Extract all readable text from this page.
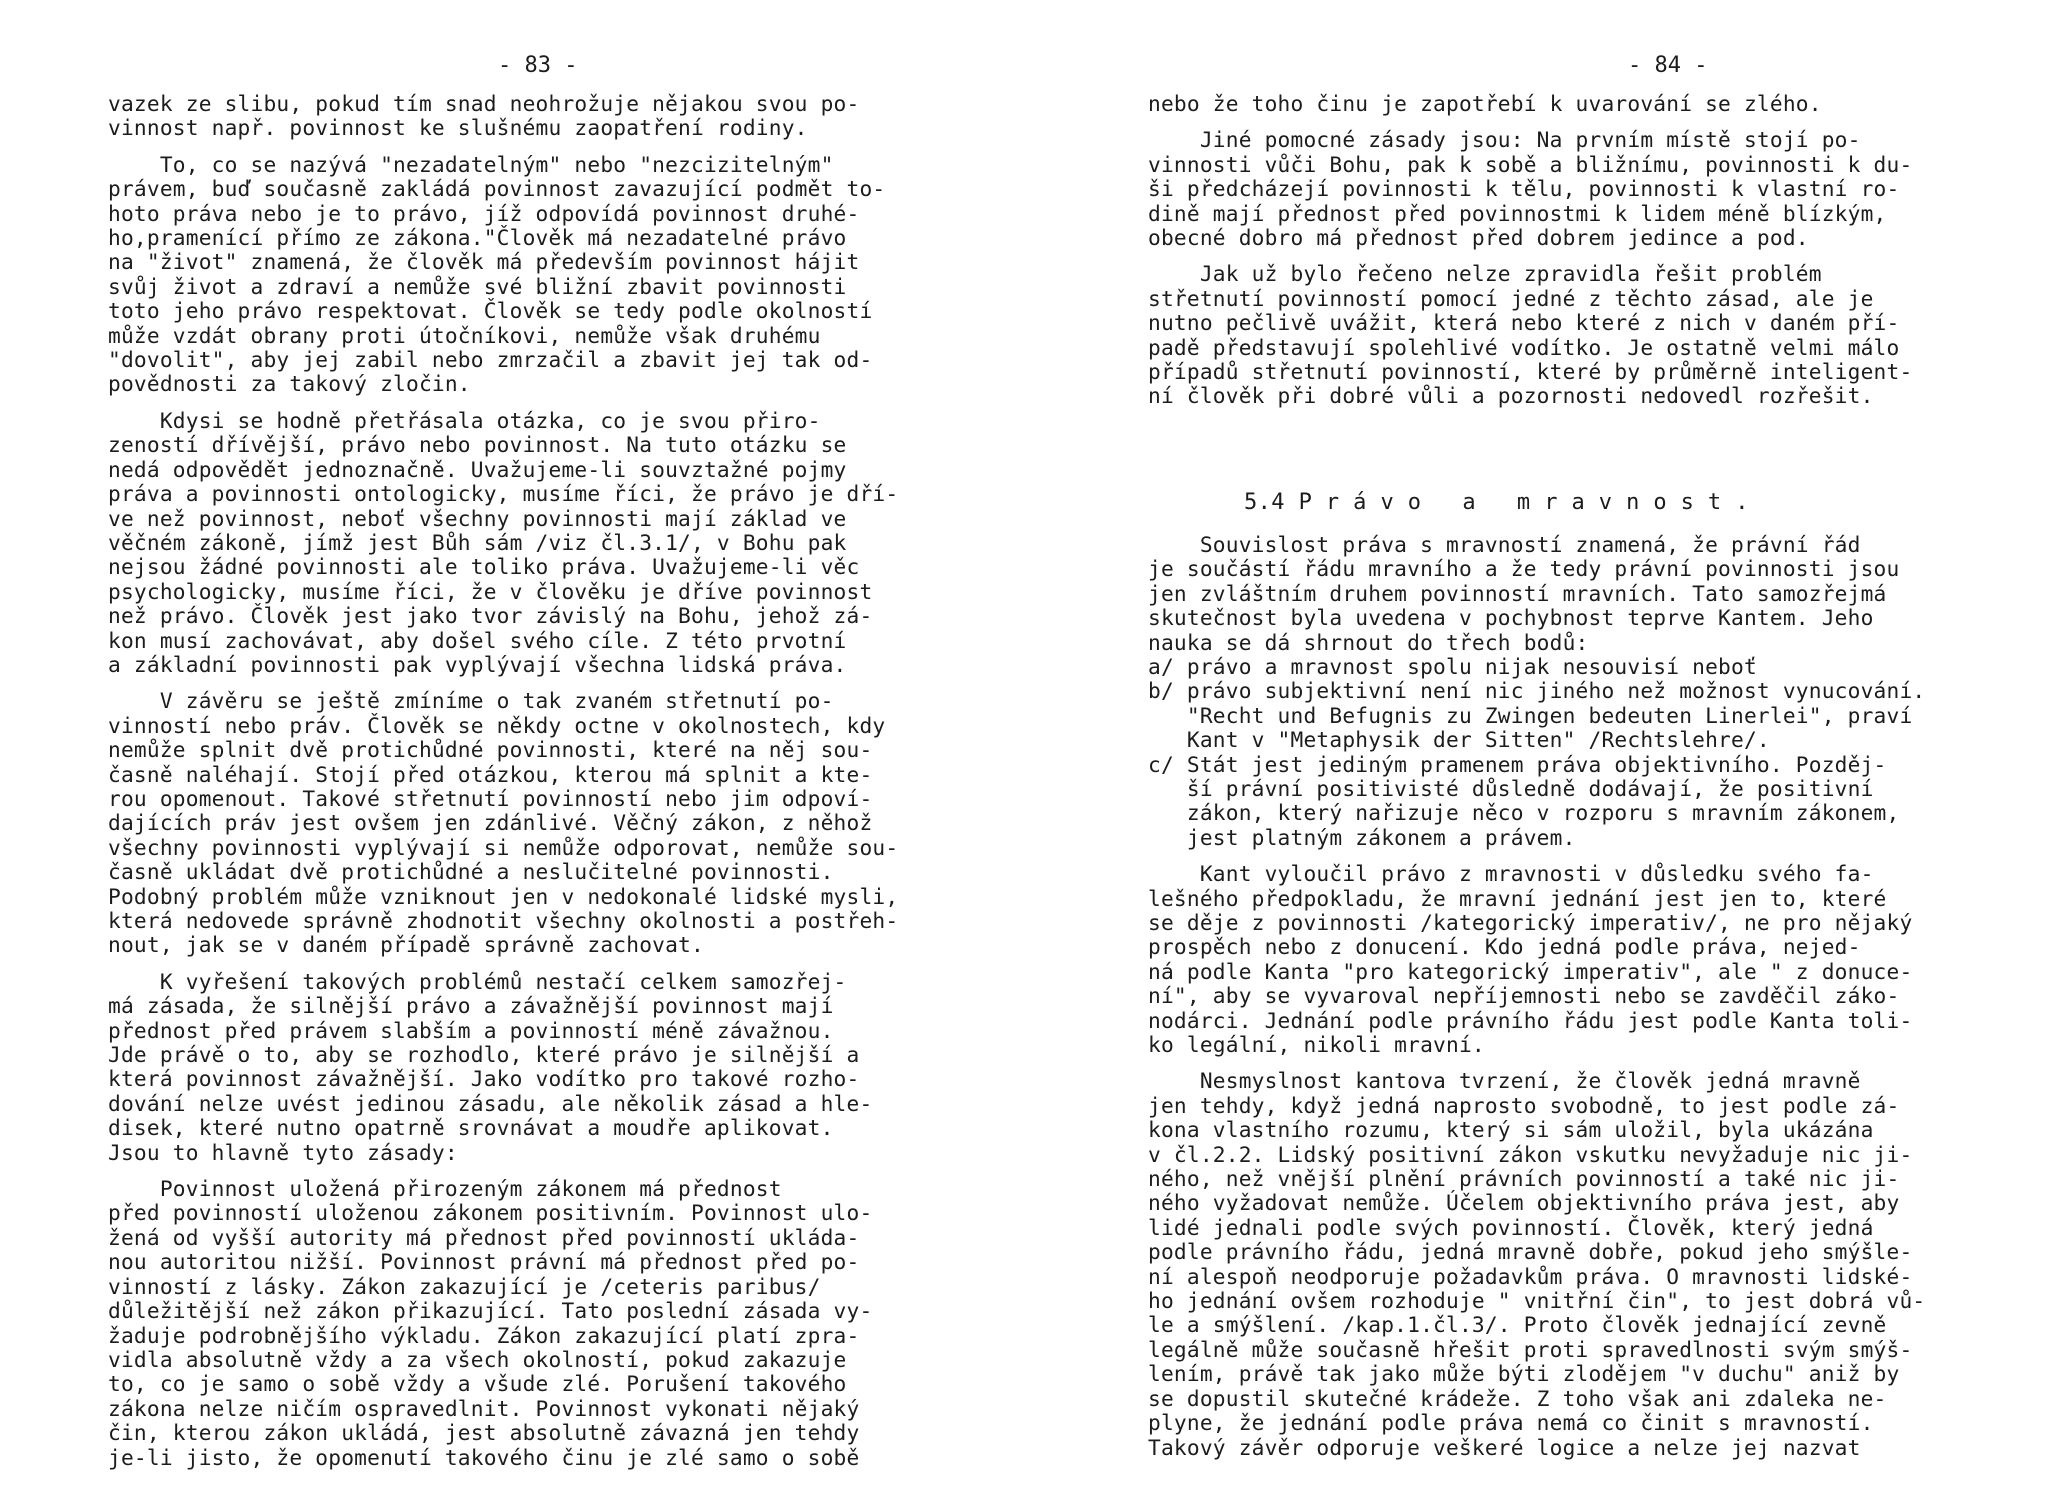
- 83 -
vazek ze slibu, pokud tím snad neohrožuje nějakou svou po-
vinnost např. povinnost ke slušnému zaopatření rodiny.
To, co se nazývá "nezadatelným" nebo "nezcizitelným"
právem, buď současně zakládá povinnost zavazující podmět to-
hoto práva nebo je to právo, jíž odpovídá povinnost druhé-
ho,pramenící přímo ze zákona."Člověk má nezadatelné právo
na "život" znamená, že člověk má především povinnost hájit
svůj život a zdraví a nemůže své bližní zbavit povinnosti
toto jeho právo respektovat. Člověk se tedy podle okolností
může vzdát obrany proti útočníkovi, nemůže však druhému
"dovolit", aby jej zabil nebo zmrzačil a zbavit jej tak od-
povědnosti za takový zločin.
Kdysi se hodně přetřásala otázka, co je svou přiro-
zeností dřívější, právo nebo povinnost. Na tuto otázku se
nedá odpovědět jednoznačně. Uvažujeme-li souvztažné pojmy
práva a povinnosti ontologicky, musíme říci, že právo je dří-
ve než povinnost, neboť všechny povinnosti mají základ ve
věčném zákoně, jímž jest Bůh sám /viz čl.3.1/, v Bohu pak
nejsou žádné povinnosti ale toliko práva. Uvažujeme-li věc
psychologicky, musíme říci, že v člověku je dříve povinnost
než právo. Člověk jest jako tvor závislý na Bohu, jehož zá-
kon musí zachovávat, aby došel svého cíle. Z této prvotní
a základní povinnosti pak vyplývají všechna lidská práva.
V závěru se ještě zmíníme o tak zvaném střetnutí po-
vinností nebo práv. Člověk se někdy octne v okolnostech, kdy
nemůže splnit dvě protichůdné povinnosti, které na něj sou-
časně naléhají. Stojí před otázkou, kterou má splnit a kte-
rou opomenout. Takové střetnutí povinností nebo jim odpoví-
dajících práv jest ovšem jen zdánlivé. Věčný zákon, z něhož
všechny povinnosti vyplývají si nemůže odporovat, nemůže sou-
časně ukládat dvě protichůdné a neslučitelné povinnosti.
Podobný problém může vzniknout jen v nedokonalé lidské mysli,
která nedovede správně zhodnotit všechny okolnosti a postřeh-
nout, jak se v daném případě správně zachovat.
K vyřešení takových problémů nestačí celkem samozřej-
má zásada, že silnější právo a závažnější povinnost mají
přednost před právem slabším a povinností méně závažnou.
Jde právě o to, aby se rozhodlo, které právo je silnější a
která povinnost závažnější. Jako vodítko pro takové rozho-
dování nelze uvést jedinou zásadu, ale několik zásad a hle-
disek, které nutno opatrně srovnávat a moudře aplikovat.
Jsou to hlavně tyto zásady:
Povinnost uložená přirozeným zákonem má přednost
před povinností uloženou zákonem positivním. Povinnost ulo-
žená od vyšší autority má přednost před povinností ukláda-
nou autoritou nižší. Povinnost právní má přednost před po-
vinností z lásky. Zákon zakazující je /ceteris paribus/
důležitější než zákon přikazující. Tato poslední zásada vy-
žaduje podrobnějšího výkladu. Zákon zakazující platí zpra-
vidla absolutně vždy a za všech okolností, pokud zakazuje
to, co je samo o sobě vždy a všude zlé. Porušení takového
zákona nelze ničím ospravedlnit. Povinnost vykonati nějaký
čin, kterou zákon ukládá, jest absolutně závazná jen tehdy
je-li jisto, že opomenutí takového činu je zlé samo o sobě
- 84 -
nebo že toho činu je zapotřebí k uvarování se zlého.
Jiné pomocné zásady jsou: Na prvním místě stojí po-
vinnosti vůči Bohu, pak k sobě a bližnímu, povinnosti k du-
ši předcházejí povinnosti k tělu, povinnosti k vlastní ro-
dině mají přednost před povinnostmi k lidem méně blízkým,
obecné dobro má přednost před dobrem jedince a pod.
Jak už bylo řečeno nelze zpravidla řešit problém
střetnutí povinností pomocí jedné z těchto zásad, ale je
nutno pečlivě uvážit, která nebo které z nich v daném pří-
padě představují spolehlivé vodítko. Je ostatně velmi málo
případů střetnutí povinností, které by průměrně inteligent-
ní člověk při dobré vůli a pozornosti nedovedl rozřešit.
5.4 P r á v o   a   m r a v n o s t .
Souvislost práva s mravností znamená, že právní řád
je součástí řádu mravního a že tedy právní povinnosti jsou
jen zvláštním druhem povinností mravních. Tato samozřejmá
skutečnost byla uvedena v pochybnost teprve Kantem. Jeho
nauka se dá shrnout do třech bodů:
a/ právo a mravnost spolu nijak nesouvisí neboť
b/ právo subjektivní není nic jiného než možnost vynucování.
"Recht und Befugnis zu Zwingen bedeuten Linerlei", praví
Kant v "Metaphysik der Sitten" /Rechtslehre/.
c/ Stát jest jediným pramenem práva objektivního. Pozděj-
ší právní positivisté důsledně dodávají, že positivní
zákon, který nařizuje něco v rozporu s mravním zákonem,
jest platným zákonem a právem.
Kant vyloučil právo z mravnosti v důsledku svého fa-
lešného předpokladu, že mravní jednání jest jen to, které
se děje z povinnosti /kategorický imperativ/, ne pro nějaký
prospěch nebo z donucení. Kdo jedná podle práva, nejed-
ná podle Kanta "pro kategorický imperativ", ale " z donuce-
ní", aby se vyvaroval nepříjemnosti nebo se zavděčil záko-
nodárci. Jednání podle právního řádu jest podle Kanta toli-
ko legální, nikoli mravní.
Nesmyslnost kantova tvrzení, že člověk jedná mravně
jen tehdy, když jedná naprosto svobodně, to jest podle zá-
kona vlastního rozumu, který si sám uložil, byla ukázána
v čl.2.2. Lidský positivní zákon vskutku nevyžaduje nic ji-
ného, než vnější plnění právních povinností a také nic ji-
ného vyžadovat nemůže. Účelem objektivního práva jest, aby
lidé jednali podle svých povinností. Člověk, který jedná
podle právního řádu, jedná mravně dobře, pokud jeho smýšle-
ní alespoň neodporuje požadavkům práva. O mravnosti lidské-
ho jednání ovšem rozhoduje " vnitřní čin", to jest dobrá vů-
le a smýšlení. /kap.1.čl.3/. Proto člověk jednající zevně
legálně může současně hřešit proti spravedlnosti svým smýš-
lením, právě tak jako může býti zlodějem "v duchu" aniž by
se dopustil skutečné krádeže. Z toho však ani zdaleka ne-
plyne, že jednání podle práva nemá co činit s mravností.
Takový závěr odporuje veškeré logice a nelze jej nazvat
